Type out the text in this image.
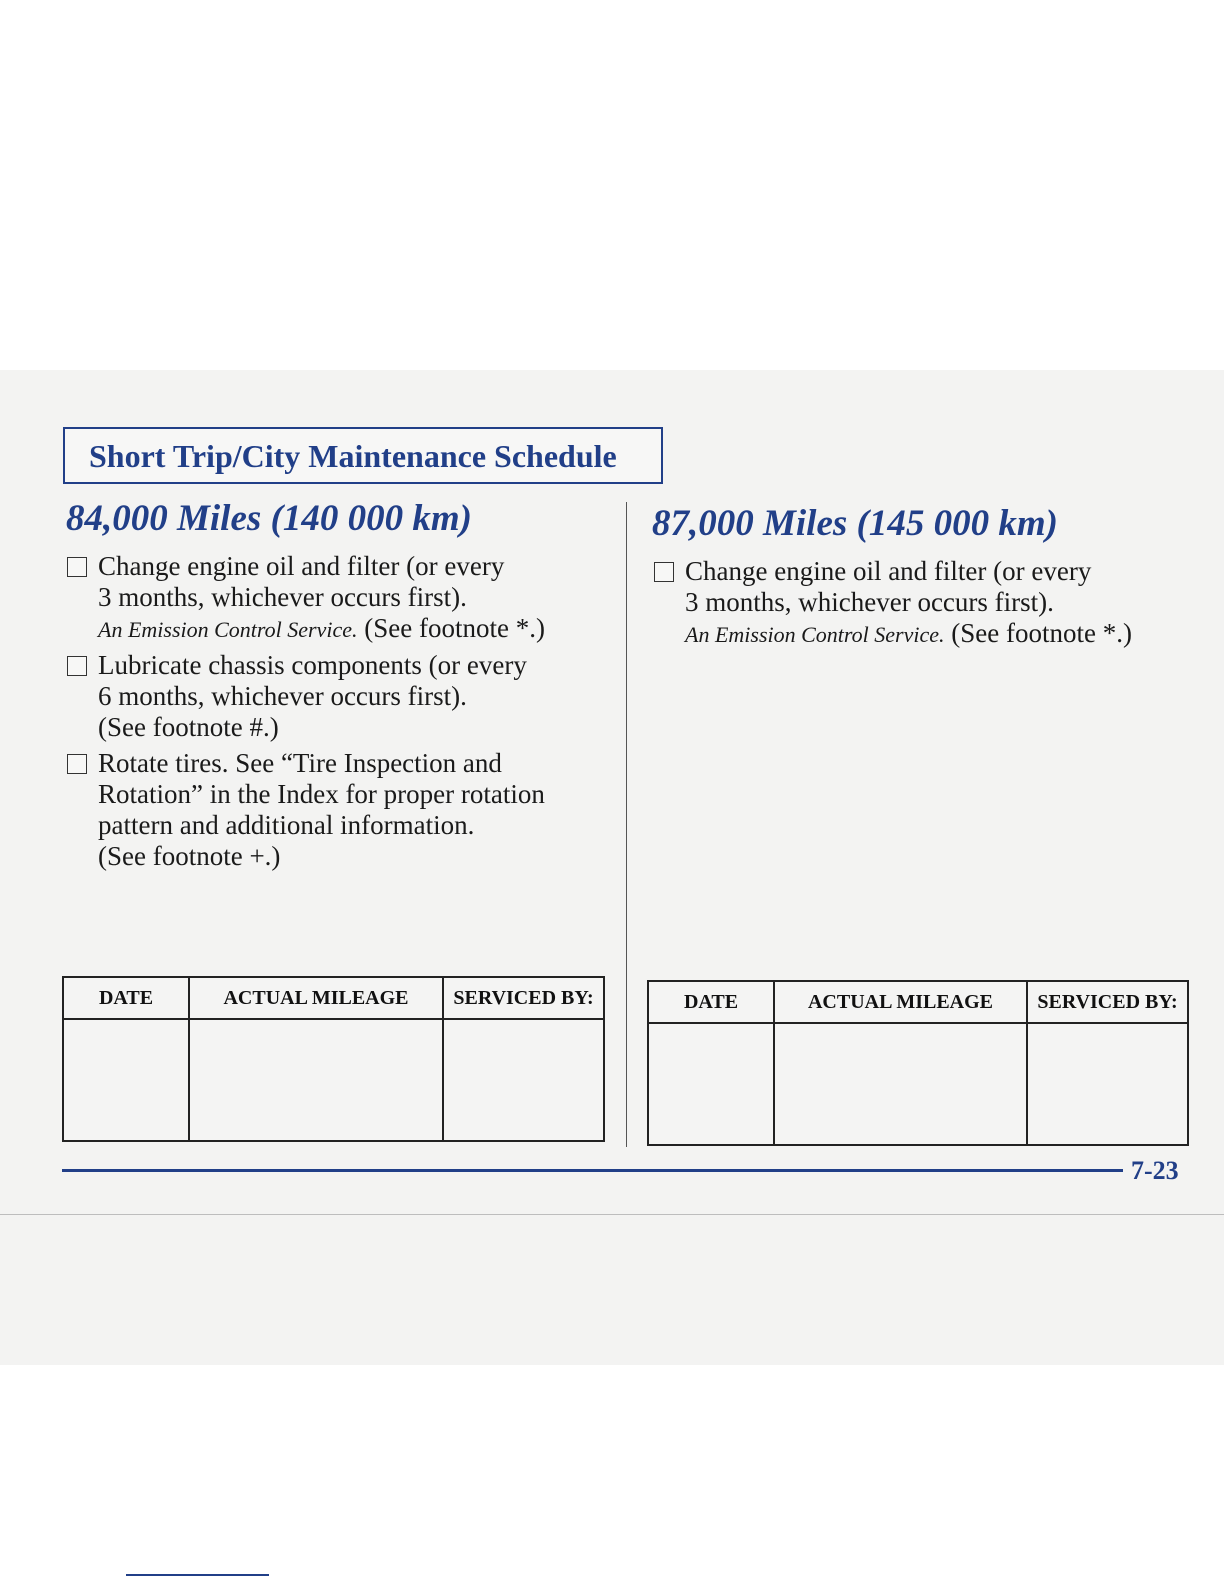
Short Trip/City Maintenance Schedule
84,000 Miles (140 000 km)
Change engine oil and filter (or every
3 months, whichever occurs first).
An Emission Control Service. (See footnote *.)
Lubricate chassis components (or every
6 months, whichever occurs first).
(See footnote #.)
Rotate tires. See “Tire Inspection and
Rotation” in the Index for proper rotation
pattern and additional information.
(See footnote +.)
DATE	ACTUAL MILEAGE	SERVICED BY:

87,000 Miles (145 000 km)
Change engine oil and filter (or every
3 months, whichever occurs first).
An Emission Control Service. (See footnote *.)
DATE	ACTUAL MILEAGE	SERVICED BY:

7-23
